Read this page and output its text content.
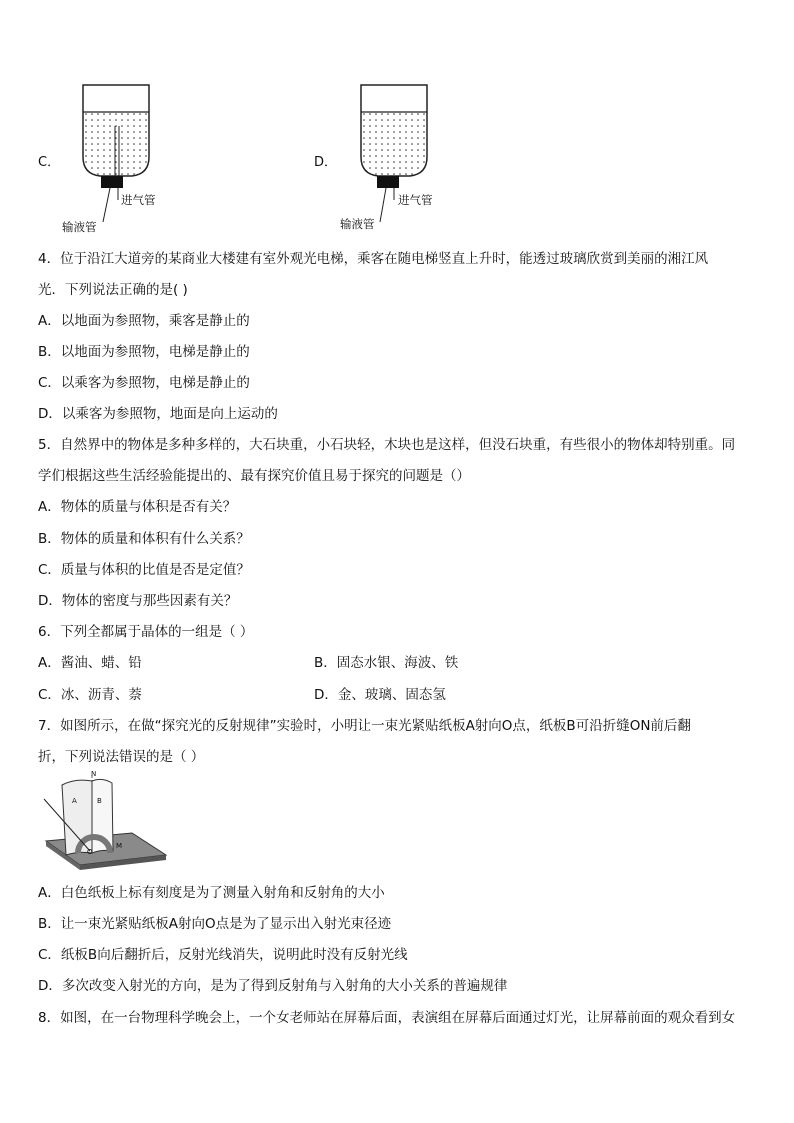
C．
进气管
输液管
D．
进气管
输液管
4．位于沿江大道旁的某商业大楼建有室外观光电梯，乘客在随电梯竖直上升时，能透过玻璃欣赏到美丽的湘江风
光．下列说法正确的是( )
A．以地面为参照物，乘客是静止的
B．以地面为参照物，电梯是静止的
C．以乘客为参照物，电梯是静止的
D．以乘客为参照物，地面是向上运动的
5．自然界中的物体是多种多样的，大石块重，小石块轻，木块也是这样，但没石块重，有些很小的物体却特别重。同
学们根据这些生活经验能提出的、最有探究价值且易于探究的问题是（）
A．物体的质量与体积是否有关？
B．物体的质量和体积有什么关系？
C．质量与体积的比值是否是定值？
D．物体的密度与那些因素有关？
6．下列全都属于晶体的一组是（ ）
A．酱油、蜡、铅	B．固态水银、海波、铁
C．冰、沥青、萘	D．金、玻璃、固态氢
7．如图所示，在做“探究光的反射规律”实验时，小明让一束光紧贴纸板A射向O点，纸板B可沿折缝ON前后翻
折，下列说法错误的是（ ）
N
A	B
O
M
A．白色纸板上标有刻度是为了测量入射角和反射角的大小
B．让一束光紧贴纸板A射向O点是为了显示出入射光束径迹
C．纸板B向后翻折后，反射光线消失，说明此时没有反射光线
D．多次改变入射光的方向，是为了得到反射角与入射角的大小关系的普遍规律
8．如图，在一台物理科学晚会上，一个女老师站在屏幕后面，表演组在屏幕后面通过灯光，让屏幕前面的观众看到女
